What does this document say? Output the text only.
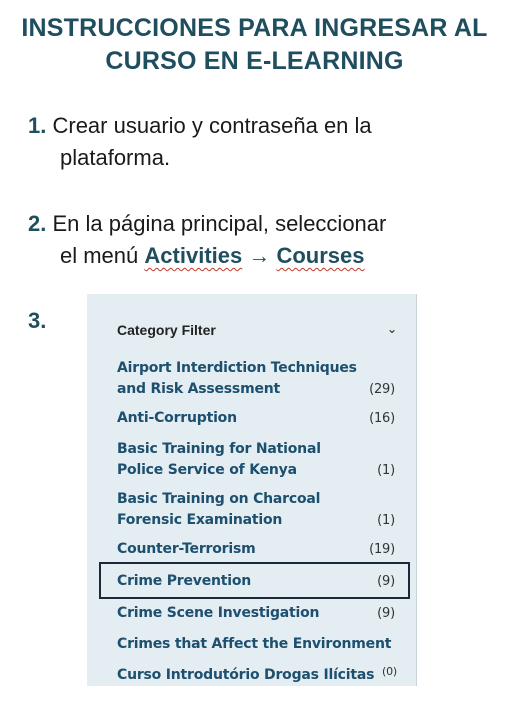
INSTRUCCIONES PARA INGRESAR AL
CURSO EN E-LEARNING
1. Crear usuario y contraseña en la
plataforma.
2. En la página principal, seleccionar
el menú Activities → Courses
3.	Category Filter	⌄
Airport Interdiction Techniques and Risk Assessment	(29)
Anti-Corruption	(16)
Basic Training for National Police Service of Kenya	(1)
Basic Training on Charcoal Forensic Examination	(1)
Counter-Terrorism	(19)
Crime Prevention	(9)
Crime Scene Investigation	(9)
Crimes that Affect the Environment
Curso Introdutório Drogas Ilícitas (0)
